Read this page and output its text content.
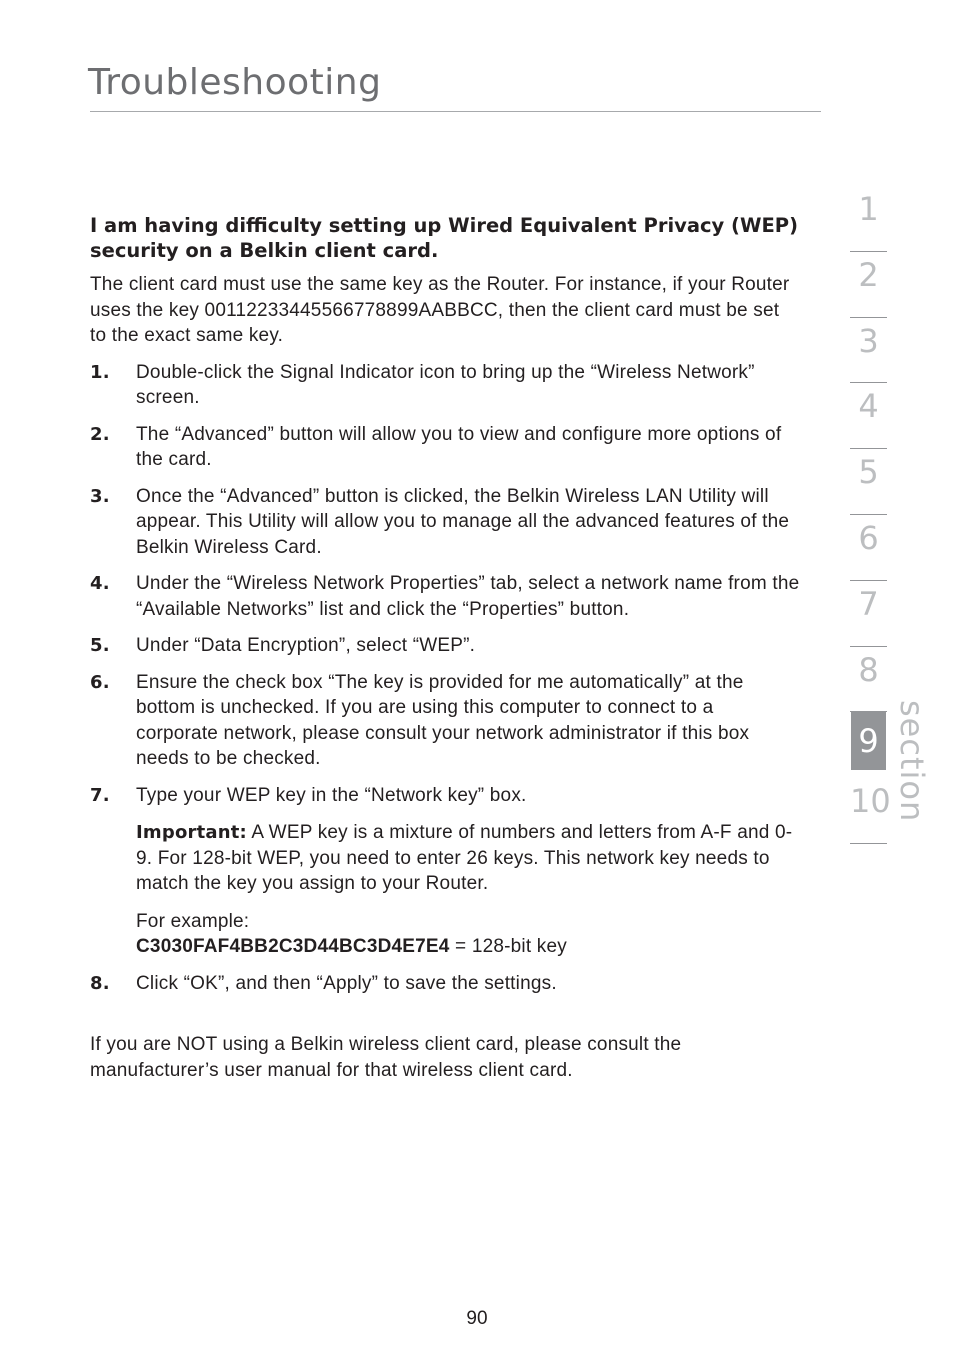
Troubleshooting
I am having difficulty setting up Wired Equivalent Privacy (WEP) security on a Belkin client card.

The client card must use the same key as the Router. For instance, if your Router uses the key 00112233445566778899AABBCC, then the client card must be set to the exact same key.

1. Double-click the Signal Indicator icon to bring up the “Wireless Network” screen.
2. The “Advanced” button will allow you to view and configure more options of the card.
3. Once the “Advanced” button is clicked, the Belkin Wireless LAN Utility will appear. This Utility will allow you to manage all the advanced features of the Belkin Wireless Card.
4. Under the “Wireless Network Properties” tab, select a network name from the “Available Networks” list and click the “Properties” button.
5. Under “Data Encryption”, select “WEP”.
6. Ensure the check box “The key is provided for me automatically” at the bottom is unchecked. If you are using this computer to connect to a corporate network, please consult your network administrator if this box needs to be checked.
7. Type your WEP key in the “Network key” box.
Important: A WEP key is a mixture of numbers and letters from A-F and 0-9. For 128-bit WEP, you need to enter 26 keys. This network key needs to match the key you assign to your Router.
For example:
C3030FAF4BB2C3D44BC3D4E7E4 = 128-bit key
8. Click “OK”, and then “Apply” to save the settings.

If you are NOT using a Belkin wireless client card, please consult the manufacturer’s user manual for that wireless client card.

1
2
3
4
5
6
7
8
9
10 section
90
